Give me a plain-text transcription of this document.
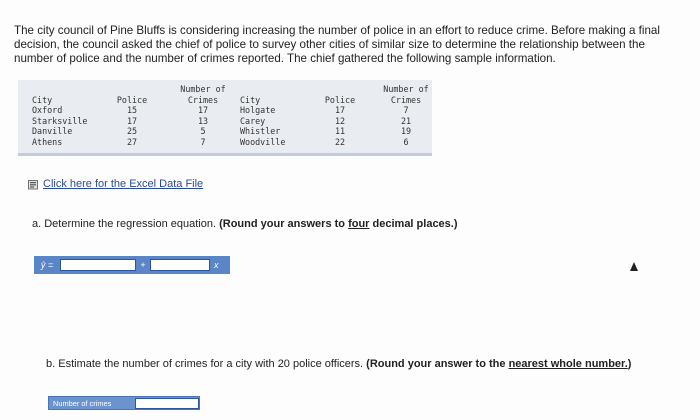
The city council of Pine Bluffs is considering increasing the number of police in an effort to reduce crime. Before making a final decision, the council asked the chief of police to survey other cities of similar size to determine the relationship between the number of police and the number of crimes reported. The chief gathered the following sample information.
Number of
City	Police	Crimes
Oxford	15	17
Starksville	17	13
Danville	25	5
Athens	27	7
Number of
City	Police	Crimes
Holgate	17	7
Carey	12	21
Whistler	11	19
Woodville	22	6
Click here for the Excel Data File
a. Determine the regression equation. (Round your answers to four decimal places.)
ŷ =	+	x
b. Estimate the number of crimes for a city with 20 police officers. (Round your answer to the nearest whole number.)
Number of crimes
